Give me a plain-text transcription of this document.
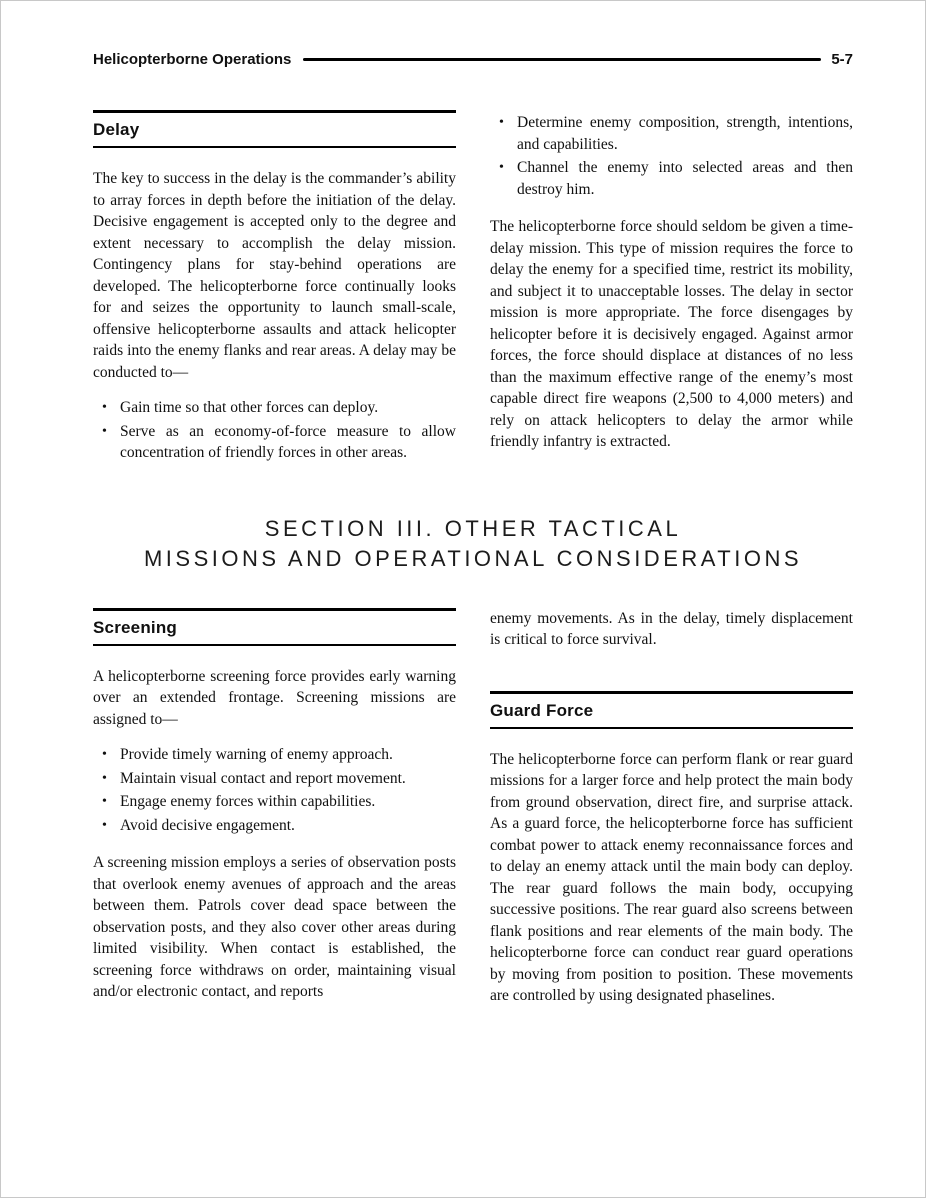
Helicopterborne Operations	5-7
Delay

The key to success in the delay is the commander’s ability to array forces in depth before the initiation of the delay. Decisive engagement is accepted only to the degree and extent necessary to accomplish the delay mission. Contingency plans for stay-behind operations are developed. The helicopterborne force continually looks for and seizes the opportunity to launch small-scale, offensive helicopterborne assaults and attack helicopter raids into the enemy flanks and rear areas. A delay may be conducted to—

• Gain time so that other forces can deploy.
• Serve as an economy-of-force measure to allow concentration of friendly forces in other areas.
• Determine enemy composition, strength, intentions, and capabilities.
• Channel the enemy into selected areas and then destroy him.

The helicopterborne force should seldom be given a time-delay mission. This type of mission requires the force to delay the enemy for a specified time, restrict its mobility, and subject it to unacceptable losses. The delay in sector mission is more appropriate. The force disengages by helicopter before it is decisively engaged. Against armor forces, the force should displace at distances of no less than the maximum effective range of the enemy’s most capable direct fire weapons (2,500 to 4,000 meters) and rely on attack helicopters to delay the armor while friendly infantry is extracted.

SECTION III. OTHER TACTICAL
MISSIONS AND OPERATIONAL CONSIDERATIONS
Screening

A helicopterborne screening force provides early warning over an extended frontage. Screening missions are assigned to—

• Provide timely warning of enemy approach.
• Maintain visual contact and report movement.
• Engage enemy forces within capabilities.
• Avoid decisive engagement.

A screening mission employs a series of observation posts that overlook enemy avenues of approach and the areas between them. Patrols cover dead space between the observation posts, and they also cover other areas during limited visibility. When contact is established, the screening force withdraws on order, maintaining visual and/or electronic contact, and reports

enemy movements. As in the delay, timely displacement is critical to force survival.

Guard Force

The helicopterborne force can perform flank or rear guard missions for a larger force and help protect the main body from ground observation, direct fire, and surprise attack. As a guard force, the helicopterborne force has sufficient combat power to attack enemy reconnaissance forces and to delay an enemy attack until the main body can deploy. The rear guard follows the main body, occupying successive positions. The rear guard also screens between flank positions and rear elements of the main body. The helicopterborne force can conduct rear guard operations by moving from position to position. These movements are controlled by using designated phaselines.
